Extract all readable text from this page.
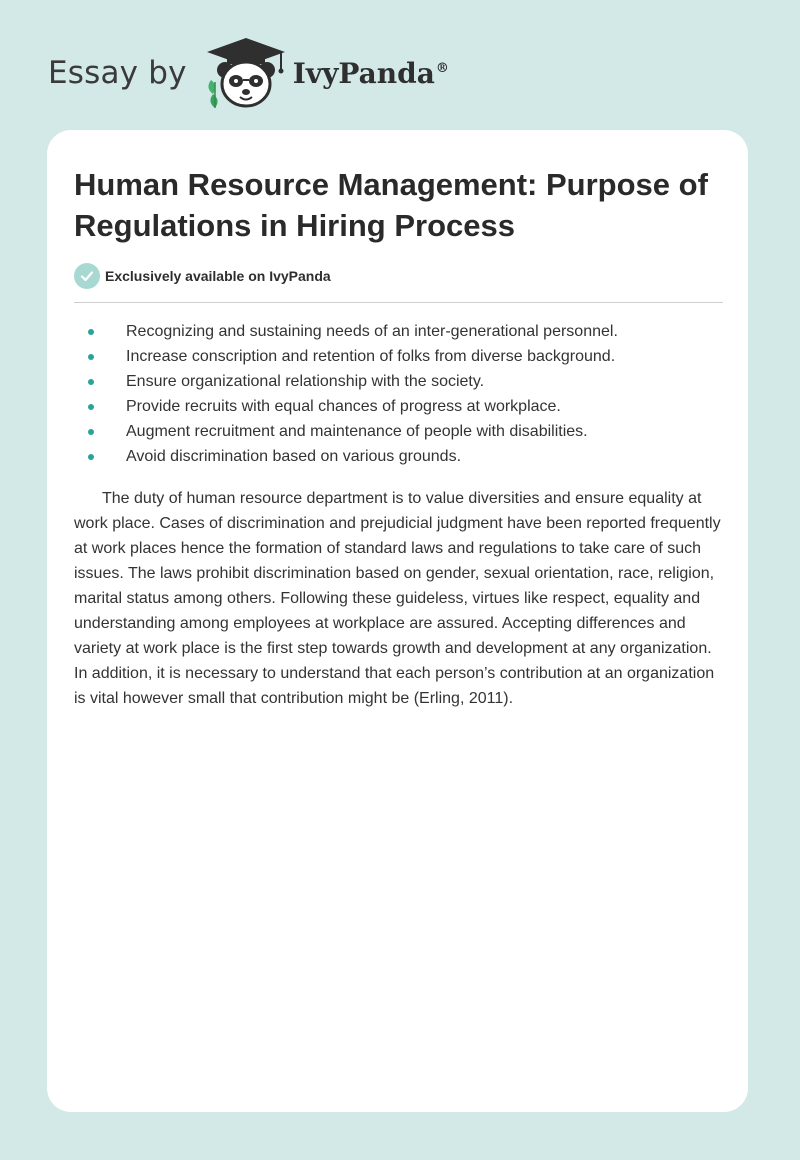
Essay by	IvyPanda®
Human Resource Management: Purpose of Regulations in Hiring Process
Exclusively available on IvyPanda
Recognizing and sustaining needs of an inter-generational personnel.
Increase conscription and retention of folks from diverse background.
Ensure organizational relationship with the society.
Provide recruits with equal chances of progress at workplace.
Augment recruitment and maintenance of people with disabilities.
Avoid discrimination based on various grounds.

The duty of human resource department is to value diversities and ensure equality at work place. Cases of discrimination and prejudicial judgment have been reported frequently at work places hence the formation of standard laws and regulations to take care of such issues. The laws prohibit discrimination based on gender, sexual orientation, race, religion, marital status among others. Following these guideless, virtues like respect, equality and understanding among employees at workplace are assured. Accepting differences and variety at work place is the first step towards growth and development at any organization. In addition, it is necessary to understand that each person’s contribution at an organization is vital however small that contribution might be (Erling, 2011).
